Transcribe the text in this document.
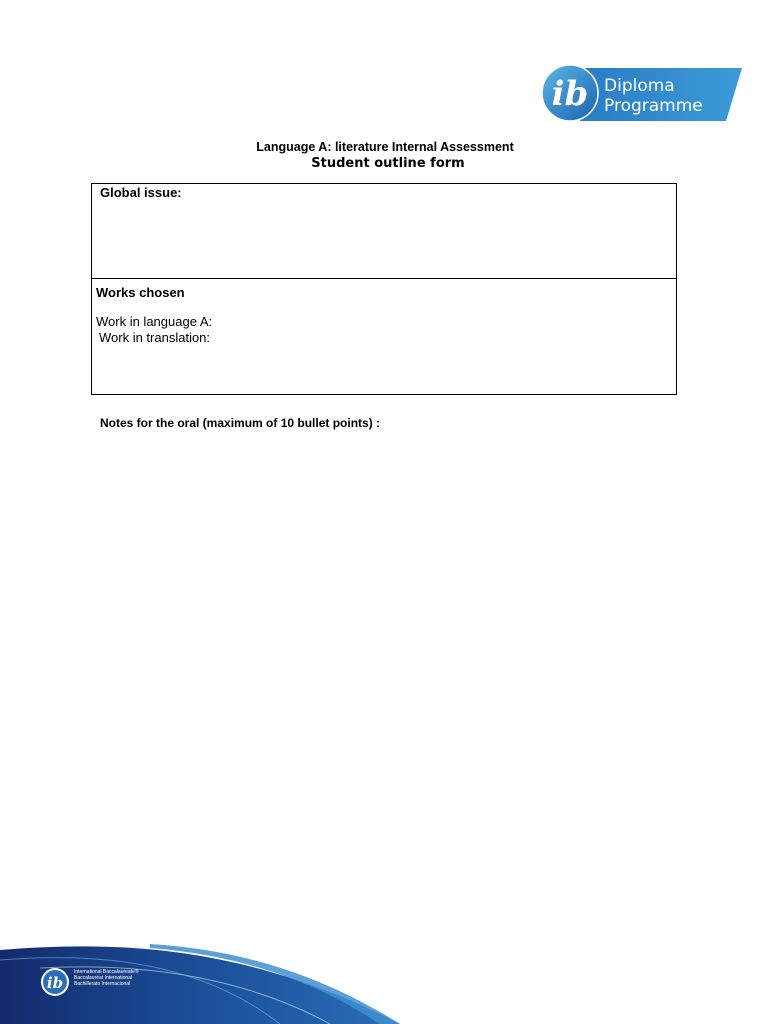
ib Diploma
Programme
Language A: literature Internal Assessment
Student outline form
Global issue:
Works chosen
Work in language A:
Work in translation:
Notes for the oral (maximum of 10 bullet points) :
ib
International Baccalaureate®
Baccalauréat International
Bachillerato Internacional
